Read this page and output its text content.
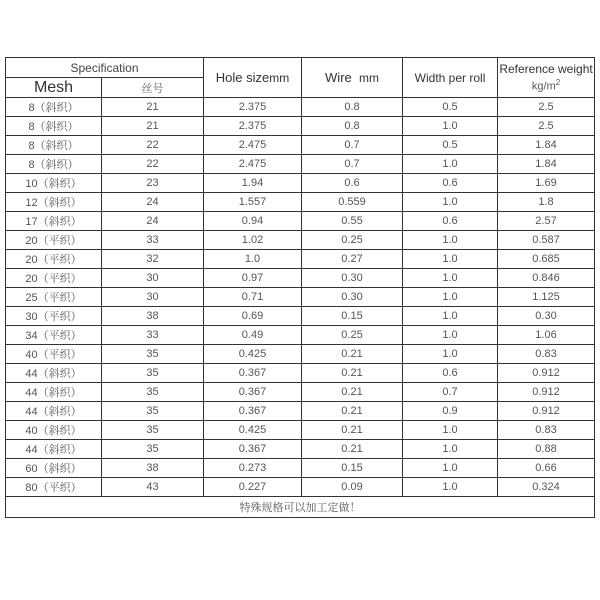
Specification		Hole sizemm	Wire mm	Width per roll	Reference weight
$kg/m^2$

Mesh	丝号				
8（斜织）	21	2.375	0.8	0.5	2.5
8（斜织）	21	2.375	0.8	1.0	2.5
8（斜织）	22	2.475	0.7	0.5	1.84
8（斜织）	22	2.475	0.7	1.0	1.84
10（斜织）	23	1.94	0.6	0.6	1.69
12（斜织）	24	1.557	0.559	1.0	1.8
17（斜织）	24	0.94	0.55	0.6	2.57
20（平织）	33	1.02	0.25	1.0	0.587
20（平织）	32	1.0	0.27	1.0	0.685
20（平织）	30	0.97	0.30	1.0	0.846
25（平织）	30	0.71	0.30	1.0	1.125
30（平织）	38	0.69	0.15	1.0	0.30
34（平织）	33	0.49	0.25	1.0	1.06
40（平织）	35	0.425	0.21	1.0	0.83
44（斜织）	35	0.367	0.21	0.6	0.912
44（斜织）	35	0.367	0.21	0.7	0.912
44（斜织）	35	0.367	0.21	0.9	0.912
40（斜织）	35	0.425	0.21	1.0	0.83
44（斜织）	35	0.367	0.21	1.0	0.88
60（斜织）	38	0.273	0.15	1.0	0.66
80（平织）	43	0.227	0.09	1.0	0.324
特殊规格可以加工定做！					
